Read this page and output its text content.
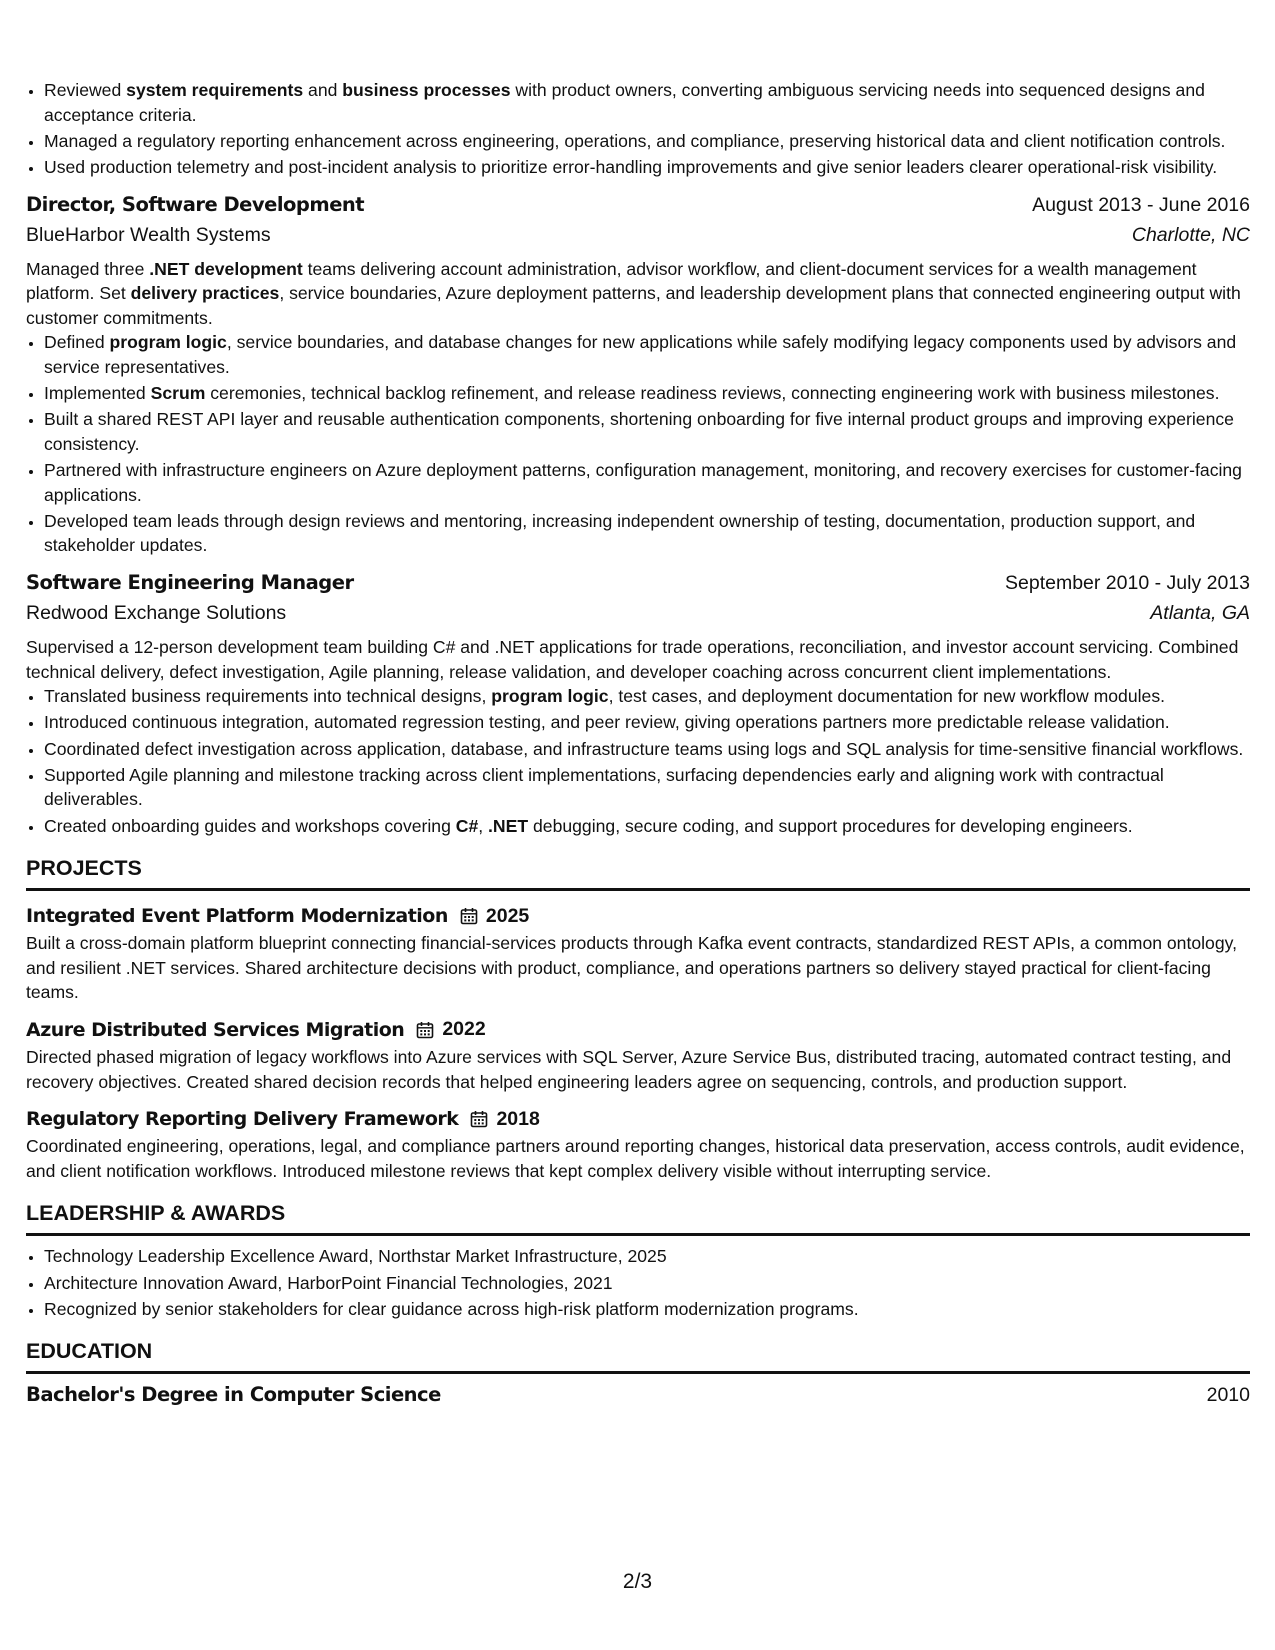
• Reviewed system requirements and business processes with product owners, converting ambiguous servicing needs into sequenced designs and acceptance criteria.
• Managed a regulatory reporting enhancement across engineering, operations, and compliance, preserving historical data and client notification controls.
• Used production telemetry and post-incident analysis to prioritize error-handling improvements and give senior leaders clearer operational-risk visibility.
Director, Software Development	August 2013 - June 2016
BlueHarbor Wealth Systems	Charlotte, NC

Managed three .NET development teams delivering account administration, advisor workflow, and client-document services for a wealth management platform. Set delivery practices, service boundaries, Azure deployment patterns, and leadership development plans that connected engineering output with customer commitments.

• Defined program logic, service boundaries, and database changes for new applications while safely modifying legacy components used by advisors and service representatives.
• Implemented Scrum ceremonies, technical backlog refinement, and release readiness reviews, connecting engineering work with business milestones.
• Built a shared REST API layer and reusable authentication components, shortening onboarding for five internal product groups and improving experience consistency.
• Partnered with infrastructure engineers on Azure deployment patterns, configuration management, monitoring, and recovery exercises for customer-facing applications.
• Developed team leads through design reviews and mentoring, increasing independent ownership of testing, documentation, production support, and stakeholder updates.
Software Engineering Manager	September 2010 - July 2013
Redwood Exchange Solutions	Atlanta, GA

Supervised a 12-person development team building C# and .NET applications for trade operations, reconciliation, and investor account servicing. Combined technical delivery, defect investigation, Agile planning, release validation, and developer coaching across concurrent client implementations.

• Translated business requirements into technical designs, program logic, test cases, and deployment documentation for new workflow modules.
• Introduced continuous integration, automated regression testing, and peer review, giving operations partners more predictable release validation.
• Coordinated defect investigation across application, database, and infrastructure teams using logs and SQL analysis for time-sensitive financial workflows.
• Supported Agile planning and milestone tracking across client implementations, surfacing dependencies early and aligning work with contractual deliverables.
• Created onboarding guides and workshops covering C#, .NET debugging, secure coding, and support procedures for developing engineers.
PROJECTS
Integrated Event Platform Modernization 2025

Built a cross-domain platform blueprint connecting financial-services products through Kafka event contracts, standardized REST APIs, a common ontology, and resilient .NET services. Shared architecture decisions with product, compliance, and operations partners so delivery stayed practical for client-facing teams.

Azure Distributed Services Migration 2022

Directed phased migration of legacy workflows into Azure services with SQL Server, Azure Service Bus, distributed tracing, automated contract testing, and recovery objectives. Created shared decision records that helped engineering leaders agree on sequencing, controls, and production support.

Regulatory Reporting Delivery Framework 2018

Coordinated engineering, operations, legal, and compliance partners around reporting changes, historical data preservation, access controls, audit evidence, and client notification workflows. Introduced milestone reviews that kept complex delivery visible without interrupting service.

LEADERSHIP & AWARDS
• Technology Leadership Excellence Award, Northstar Market Infrastructure, 2025
• Architecture Innovation Award, HarborPoint Financial Technologies, 2021
• Recognized by senior stakeholders for clear guidance across high-risk platform modernization programs.
EDUCATION
Bachelor's Degree in Computer Science	2010
2/3
